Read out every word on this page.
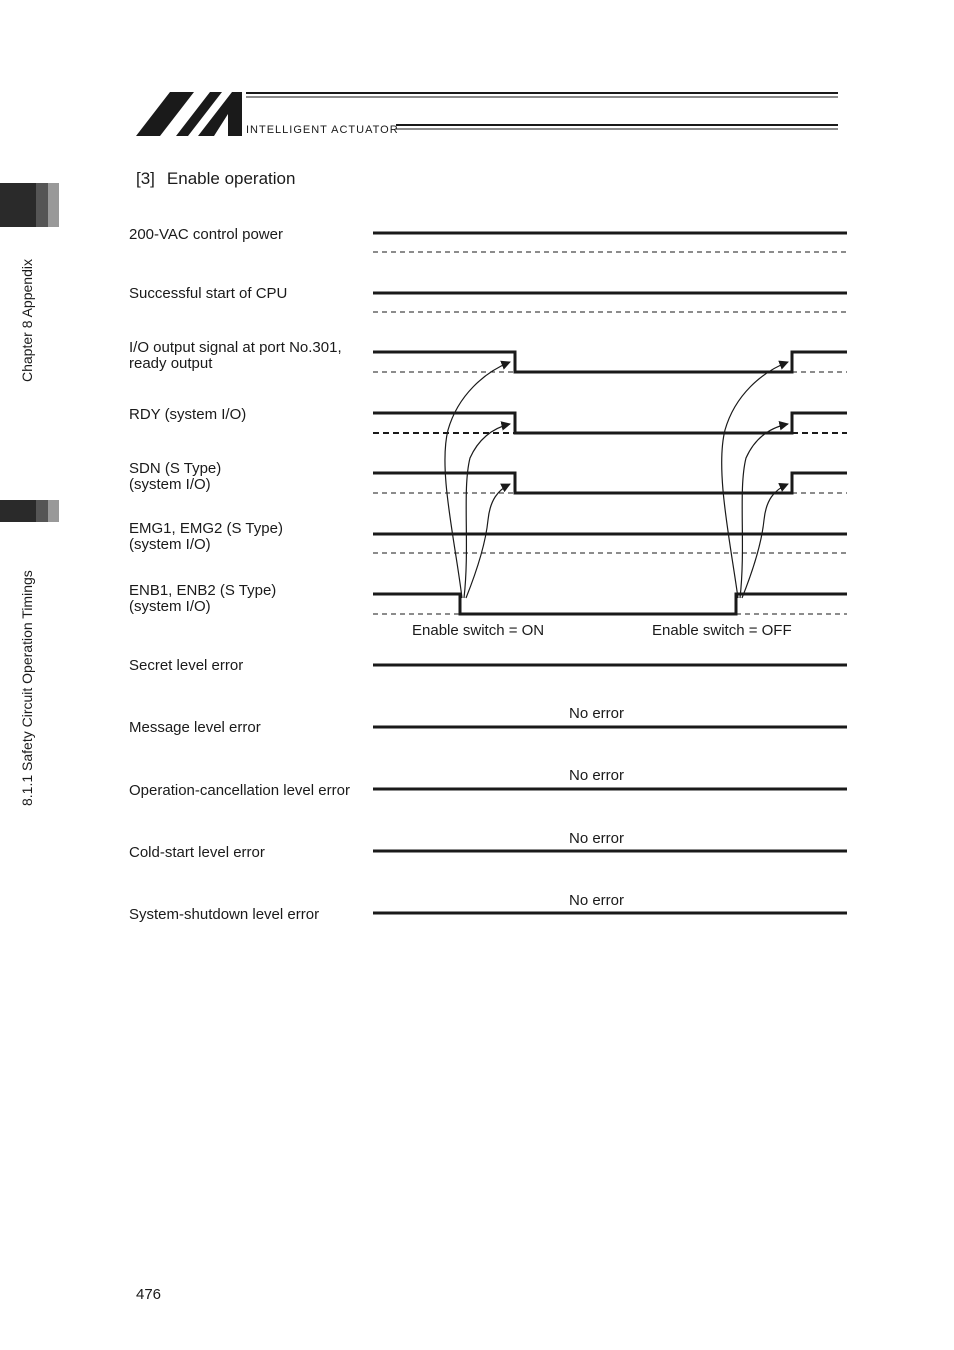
INTELLIGENT ACTUATOR
Chapter 8 Appendix
8.1.1 Safety Circuit Operation Timings
[3] Enable operation
200-VAC control power
Successful start of CPU
I/O output signal at port No.301,
ready output
RDY (system I/O)
SDN (S Type)
(system I/O)
EMG1, EMG2 (S Type)
(system I/O)
ENB1, ENB2 (S Type)
(system I/O)
Secret level error
Message level error
Operation-cancellation level error
Cold-start level error
System-shutdown level error
Enable switch = ON	Enable switch = OFF
No error
No error
No error
No error
476
